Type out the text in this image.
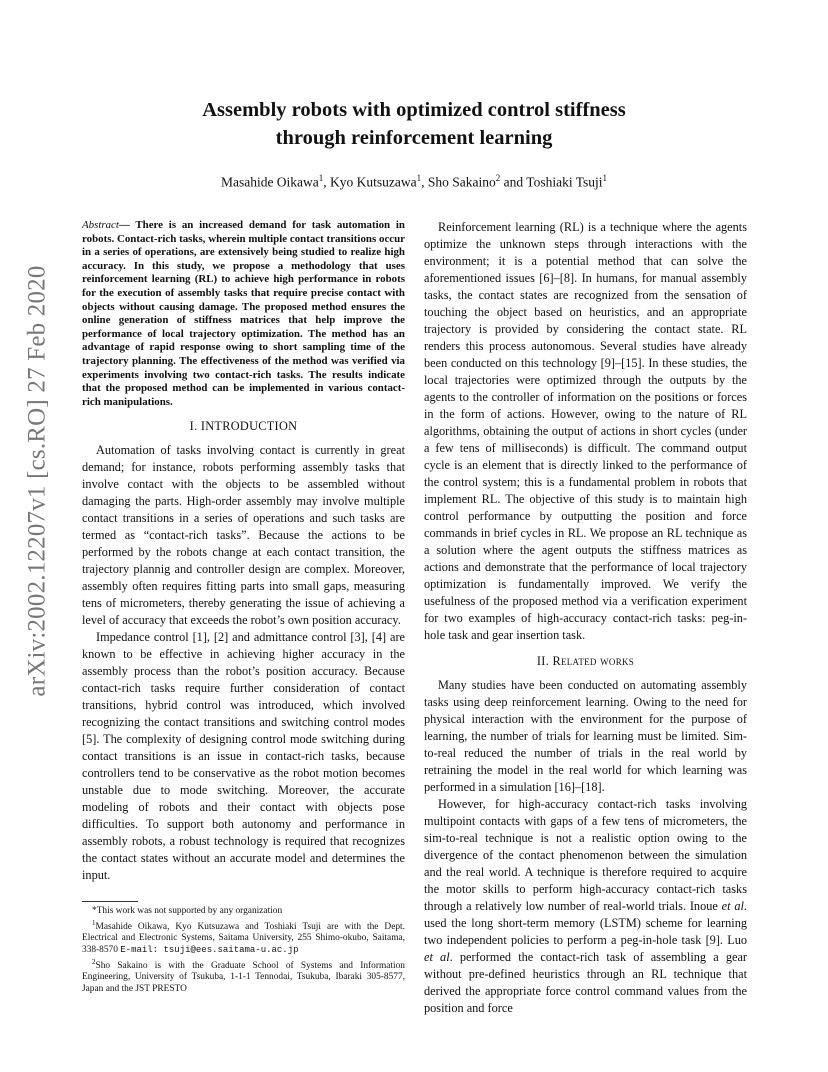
arXiv:2002.12207v1 [cs.RO] 27 Feb 2020
Assembly robots with optimized control stiffness
through reinforcement learning
Masahide Oikawa$^1$, Kyo Kutsuzawa$^1$, Sho Sakaino$^2$ and Toshiaki Tsuji$^1$
Abstract— There is an increased demand for task automation in robots. Contact-rich tasks, wherein multiple contact transitions occur in a series of operations, are extensively being studied to realize high accuracy. In this study, we propose a methodology that uses reinforcement learning (RL) to achieve high performance in robots for the execution of assembly tasks that require precise contact with objects without causing damage. The proposed method ensures the online generation of stiffness matrices that help improve the performance of local trajectory optimization. The method has an advantage of rapid response owing to short sampling time of the trajectory planning. The effectiveness of the method was verified via experiments involving two contact-rich tasks. The results indicate that the proposed method can be implemented in various contact-rich manipulations.
I. INTRODUCTION

Automation of tasks involving contact is currently in great demand; for instance, robots performing assembly tasks that involve contact with the objects to be assembled without damaging the parts. High-order assembly may involve multiple contact transitions in a series of operations and such tasks are termed as “contact-rich tasks”. Because the actions to be performed by the robots change at each contact transition, the trajectory plannig and controller design are complex. Moreover, assembly often requires fitting parts into small gaps, measuring tens of micrometers, thereby generating the issue of achieving a level of accuracy that exceeds the robot’s own position accuracy.

Impedance control [1], [2] and admittance control [3], [4] are known to be effective in achieving higher accuracy in the assembly process than the robot’s position accuracy. Because contact-rich tasks require further consideration of contact transitions, hybrid control was introduced, which involved recognizing the contact transitions and switching control modes [5]. The complexity of designing control mode switching during contact transitions is an issue in contact-rich tasks, because controllers tend to be conservative as the robot motion becomes unstable due to mode switching. Moreover, the accurate modeling of robots and their contact with objects pose difficulties. To support both autonomy and performance in assembly robots, a robust technology is required that recognizes the contact states without an accurate model and determines the input.

*This work was not supported by any organization
$^1$Masahide Oikawa, Kyo Kutsuzawa and Toshiaki Tsuji are with the Dept. Electrical and Electronic Systems, Saitama University, 255 Shimo-okubo, Saitama, 338-8570 E-mail: tsuji@ees.saitama-u.ac.jp
$^2$Sho Sakaino is with the Graduate School of Systems and Information Engineering, University of Tsukuba, 1-1-1 Tennodai, Tsukuba, Ibaraki 305-8577, Japan and the JST PRESTO

Reinforcement learning (RL) is a technique where the agents optimize the unknown steps through interactions with the environment; it is a potential method that can solve the aforementioned issues [6]–[8]. In humans, for manual assembly tasks, the contact states are recognized from the sensation of touching the object based on heuristics, and an appropriate trajectory is provided by considering the contact state. RL renders this process autonomous. Several studies have already been conducted on this technology [9]–[15]. In these studies, the local trajectories were optimized through the outputs by the agents to the controller of information on the positions or forces in the form of actions. However, owing to the nature of RL algorithms, obtaining the output of actions in short cycles (under a few tens of milliseconds) is difficult. The command output cycle is an element that is directly linked to the performance of the control system; this is a fundamental problem in robots that implement RL. The objective of this study is to maintain high control performance by outputting the position and force commands in brief cycles in RL. We propose an RL technique as a solution where the agent outputs the stiffness matrices as actions and demonstrate that the performance of local trajectory optimization is fundamentally improved. We verify the usefulness of the proposed method via a verification experiment for two examples of high-accuracy contact-rich tasks: peg-in-hole task and gear insertion task.

II. Related works

Many studies have been conducted on automating assembly tasks using deep reinforcement learning. Owing to the need for physical interaction with the environment for the purpose of learning, the number of trials for learning must be limited. Sim-to-real reduced the number of trials in the real world by retraining the model in the real world for which learning was performed in a simulation [16]–[18].

However, for high-accuracy contact-rich tasks involving multipoint contacts with gaps of a few tens of micrometers, the sim-to-real technique is not a realistic option owing to the divergence of the contact phenomenon between the simulation and the real world. A technique is therefore required to acquire the motor skills to perform high-accuracy contact-rich tasks through a relatively low number of real-world trials. Inoue et al. used the long short-term memory (LSTM) scheme for learning two independent policies to perform a peg-in-hole task [9]. Luo et al. performed the contact-rich task of assembling a gear without pre-defined heuristics through an RL technique that derived the appropriate force control command values from the position and force
